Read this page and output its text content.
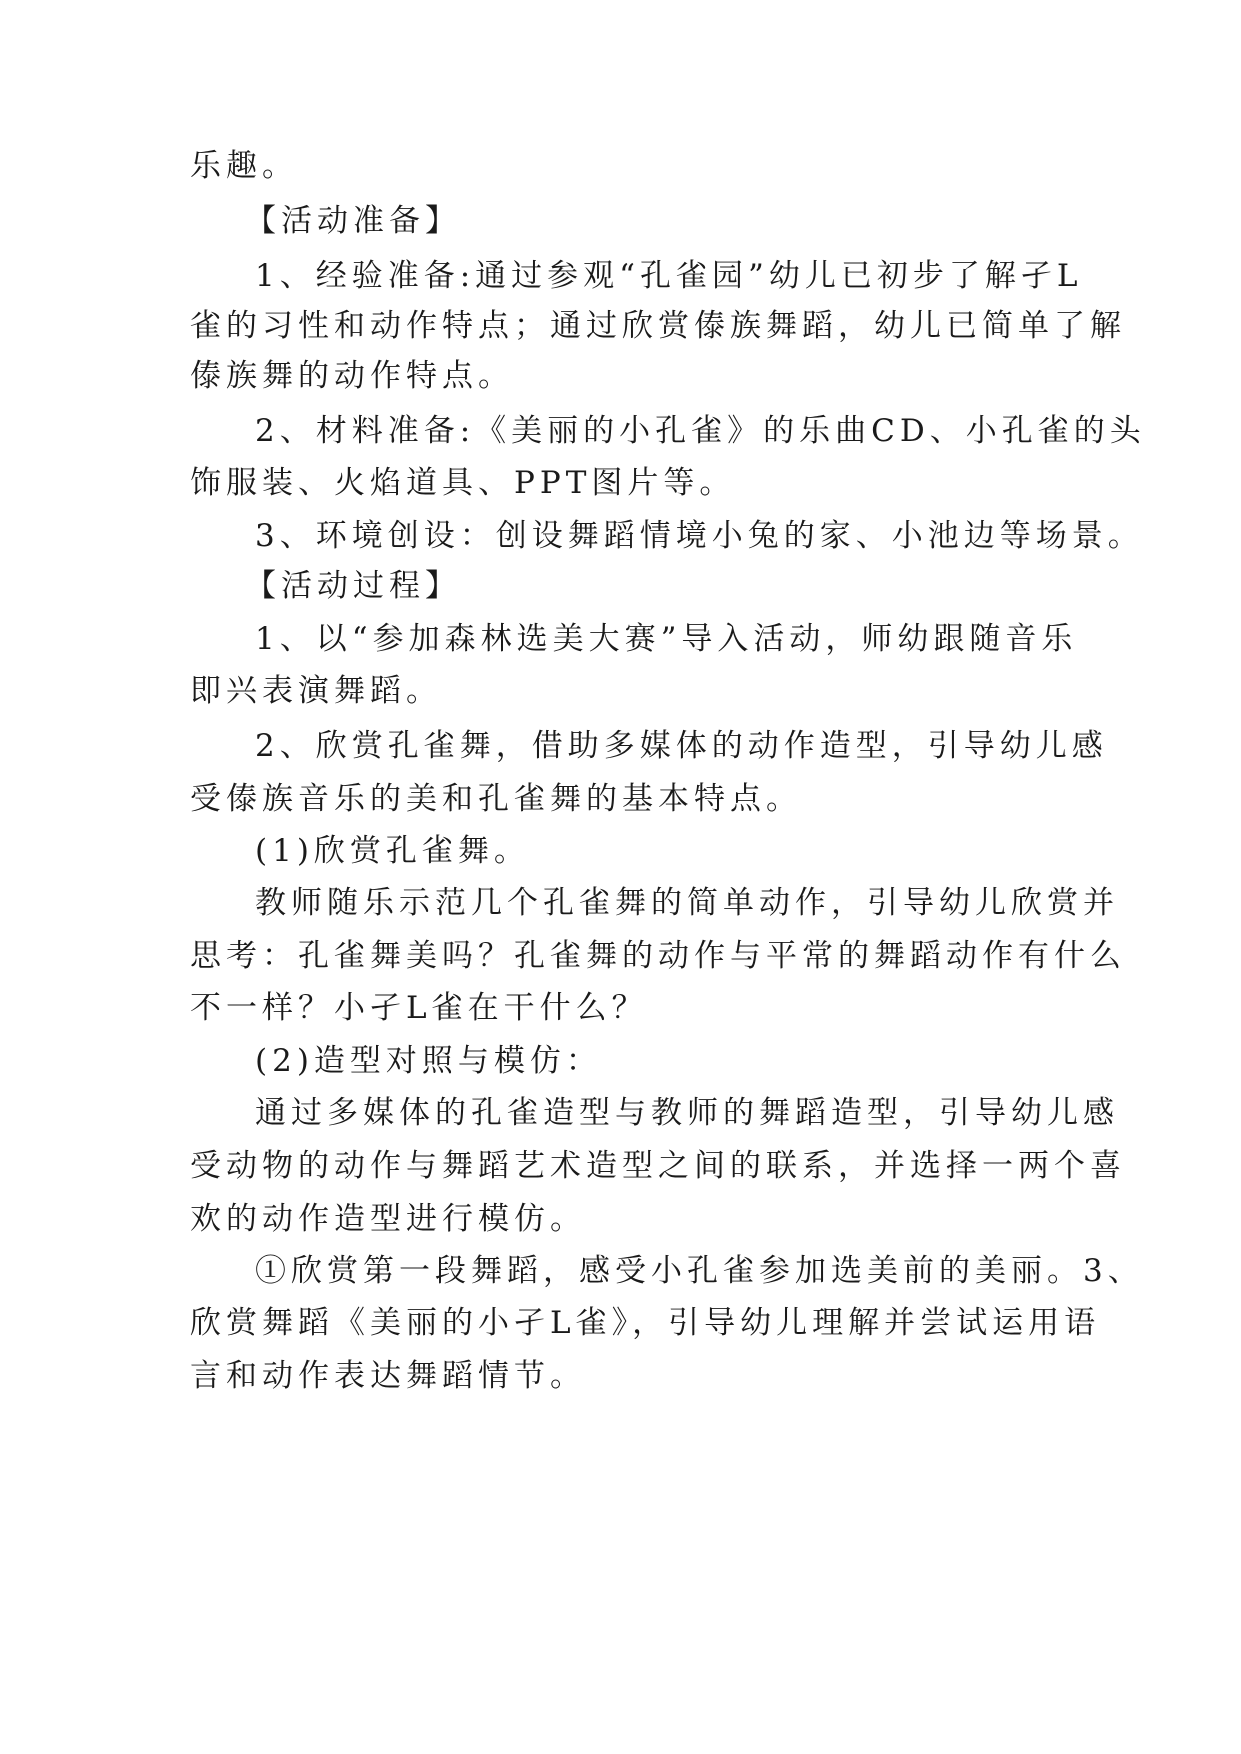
乐趣。

【活动准备】

1、经验准备:通过参观“孔雀园”幼儿已初步了解孑L

雀的习性和动作特点；通过欣赏傣族舞蹈，幼儿已简单了解

傣族舞的动作特点。

2、材料准备:《美丽的小孔雀》的乐曲CD、小孔雀的头

饰服装、火焰道具、PPT图片等。

3、环境创设：创设舞蹈情境小兔的家、小池边等场景。

【活动过程】

1、以“参加森林选美大赛”导入活动，师幼跟随音乐

即兴表演舞蹈。

2、欣赏孔雀舞，借助多媒体的动作造型，引导幼儿感

受傣族音乐的美和孔雀舞的基本特点。

(1)欣赏孔雀舞。

教师随乐示范几个孔雀舞的简单动作，引导幼儿欣赏并

思考：孔雀舞美吗？孔雀舞的动作与平常的舞蹈动作有什么

不一样？小孑L雀在干什么？

(2)造型对照与模仿：

通过多媒体的孔雀造型与教师的舞蹈造型，引导幼儿感

受动物的动作与舞蹈艺术造型之间的联系，并选择一两个喜

欢的动作造型进行模仿。

①欣赏第一段舞蹈，感受小孔雀参加选美前的美丽。3、

欣赏舞蹈《美丽的小孑L雀》，引导幼儿理解并尝试运用语

言和动作表达舞蹈情节。
